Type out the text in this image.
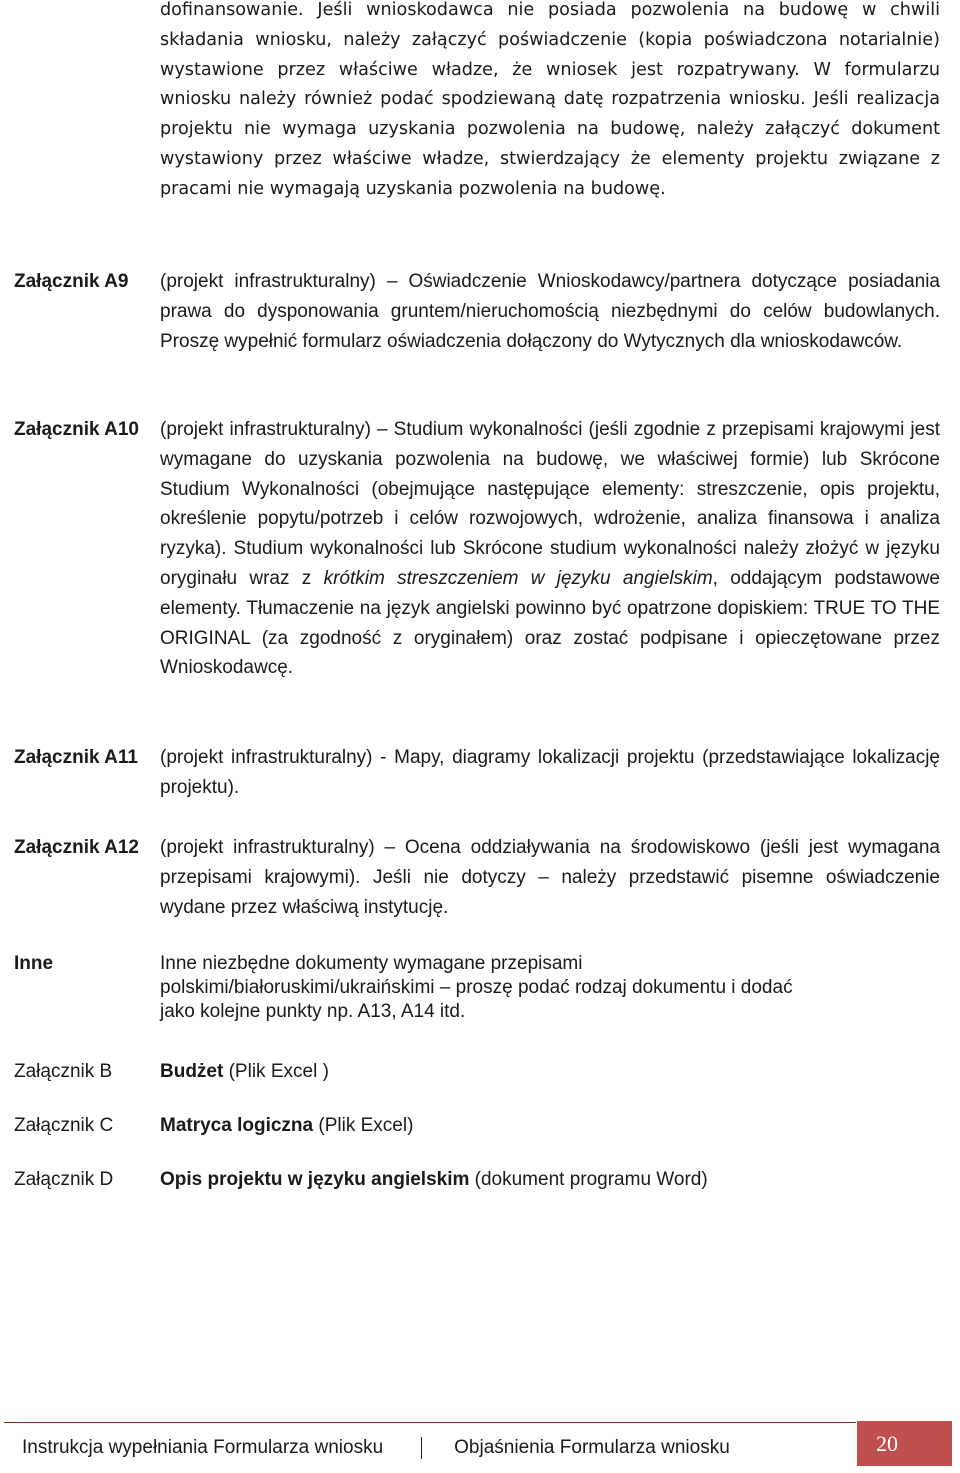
dofinansowanie. Jeśli wnioskodawca nie posiada pozwolenia na budowę w chwili składania wniosku, należy załączyć poświadczenie (kopia poświadczona notarialnie) wystawione przez właściwe władze, że wniosek jest rozpatrywany. W formularzu wniosku należy również podać spodziewaną datę rozpatrzenia wniosku. Jeśli realizacja projektu nie wymaga uzyskania pozwolenia na budowę, należy załączyć dokument wystawiony przez właściwe władze, stwierdzający że elementy projektu związane z pracami nie wymagają uzyskania pozwolenia na budowę.

Załącznik A9 (projekt infrastrukturalny) – Oświadczenie Wnioskodawcy/partnera dotyczące posiadania prawa do dysponowania gruntem/nieruchomością niezbędnymi do celów budowlanych. Proszę wypełnić formularz oświadczenia dołączony do Wytycznych dla wnioskodawców.

Załącznik A10 (projekt infrastrukturalny) – Studium wykonalności (jeśli zgodnie z przepisami krajowymi jest wymagane do uzyskania pozwolenia na budowę, we właściwej formie) lub Skrócone Studium Wykonalności (obejmujące następujące elementy: streszczenie, opis projektu, określenie popytu/potrzeb i celów rozwojowych, wdrożenie, analiza finansowa i analiza ryzyka). Studium wykonalności lub Skrócone studium wykonalności należy złożyć w języku oryginału wraz z krótkim streszczeniem w języku angielskim, oddającym podstawowe elementy. Tłumaczenie na język angielski powinno być opatrzone dopiskiem: TRUE TO THE ORIGINAL (za zgodność z oryginałem) oraz zostać podpisane i opieczętowane przez Wnioskodawcę.

Załącznik A11 (projekt infrastrukturalny) - Mapy, diagramy lokalizacji projektu (przedstawiające lokalizację projektu).

Załącznik A12 (projekt infrastrukturalny) – Ocena oddziaływania na środowiskowo (jeśli jest wymagana przepisami krajowymi). Jeśli nie dotyczy – należy przedstawić pisemne oświadczenie wydane przez właściwą instytucję.

Inne	Inne niezbędne dokumenty wymagane przepisami
polskimi/białoruskimi/ukraińskimi – proszę podać rodzaj dokumentu i dodać
jako kolejne punkty np. A13, A14 itd.
Załącznik B	Budżet (Plik Excel )

Załącznik C Matryca logiczna (Plik Excel)

Załącznik D Opis projektu w języku angielskim (dokument programu Word)

Instrukcja wypełniania Formularza wniosku	Objaśnienia Formularza wniosku	20
